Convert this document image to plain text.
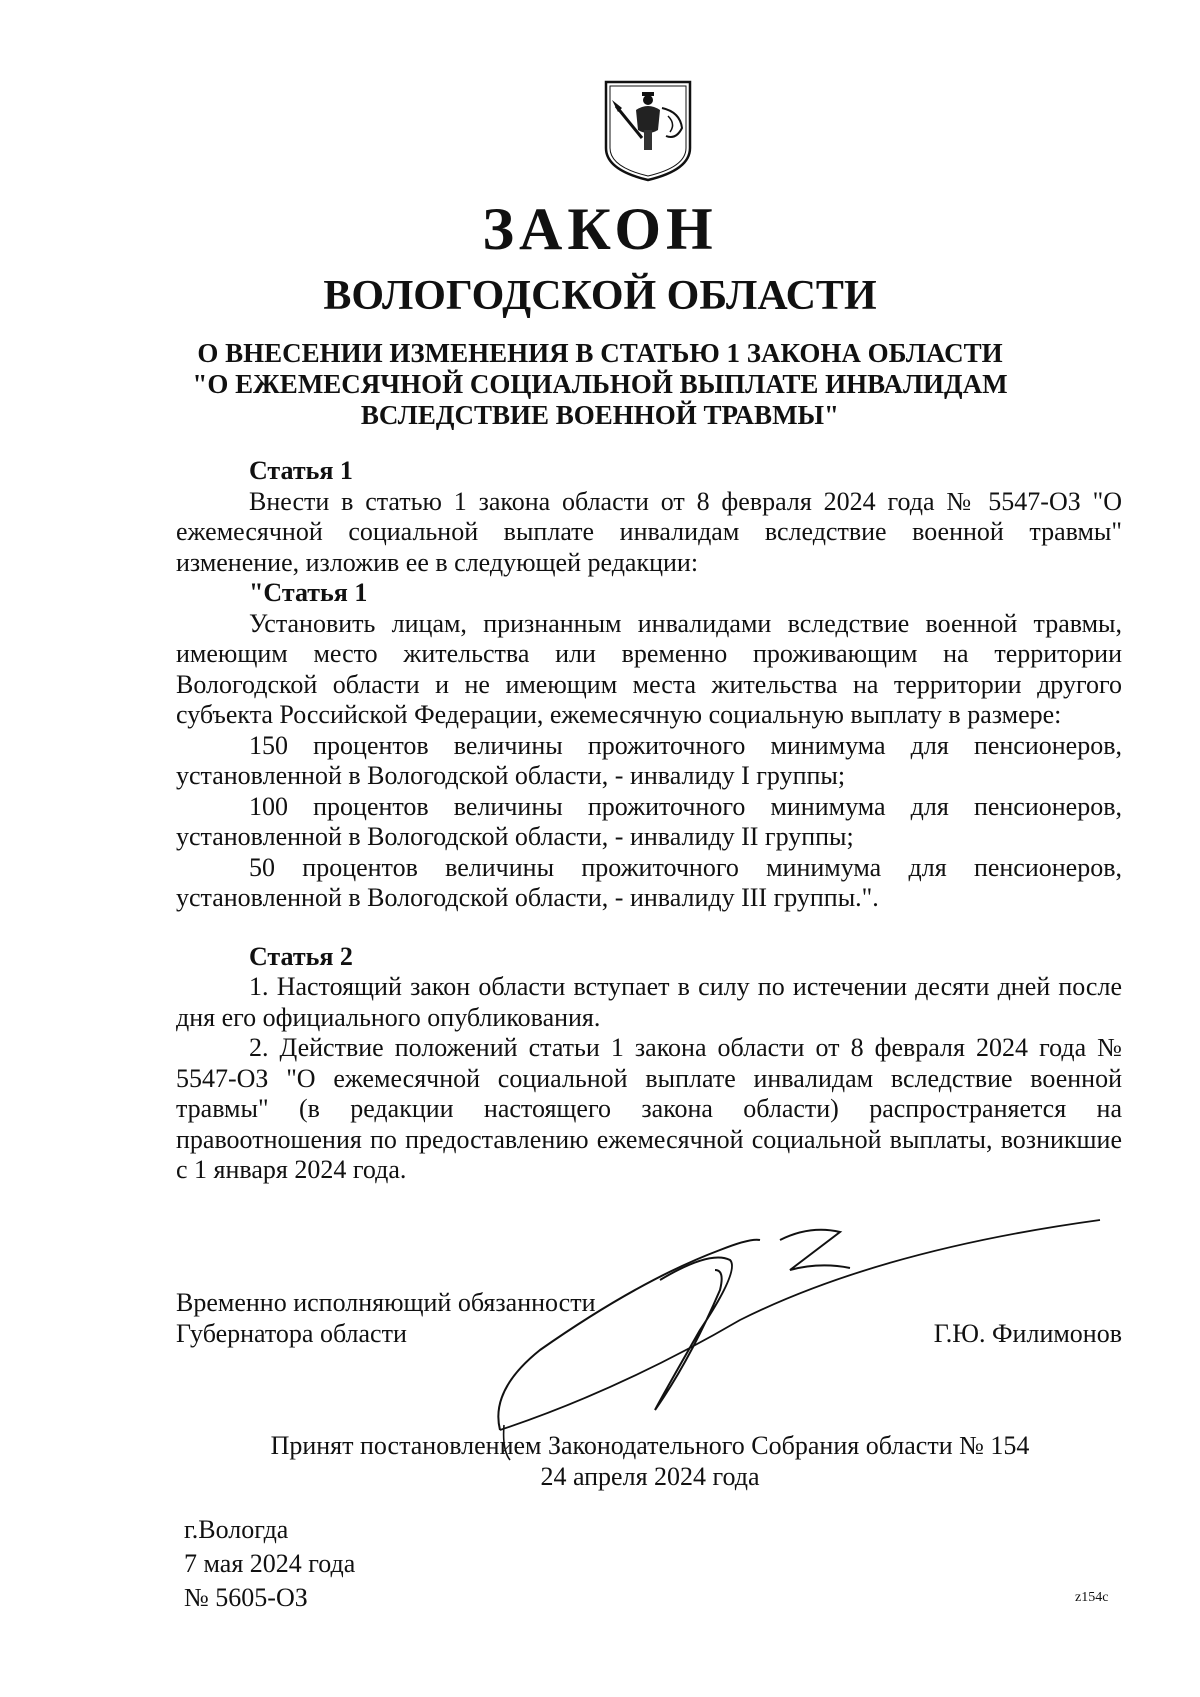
ЗАКОН
ВОЛОГОДСКОЙ ОБЛАСТИ
О ВНЕСЕНИИ ИЗМЕНЕНИЯ В СТАТЬЮ 1 ЗАКОНА ОБЛАСТИ
"О ЕЖЕМЕСЯЧНОЙ СОЦИАЛЬНОЙ ВЫПЛАТЕ ИНВАЛИДАМ
ВСЛЕДСТВИЕ ВОЕННОЙ ТРАВМЫ"

Статья 1

Внести в статью 1 закона области от 8 февраля 2024 года № 5547-ОЗ "О ежемесячной социальной выплате инвалидам вследствие военной травмы" изменение, изложив ее в следующей редакции:

"Статья 1

Установить лицам, признанным инвалидами вследствие военной травмы, имеющим место жительства или временно проживающим на территории Вологодской области и не имеющим места жительства на территории другого субъекта Российской Федерации, ежемесячную социальную выплату в размере:

150 процентов величины прожиточного минимума для пенсионеров, установленной в Вологодской области, - инвалиду I группы;

100 процентов величины прожиточного минимума для пенсионеров, установленной в Вологодской области, - инвалиду II группы;

50 процентов величины прожиточного минимума для пенсионеров, установленной в Вологодской области, - инвалиду III группы.".

Статья 2

1. Настоящий закон области вступает в силу по истечении десяти дней после дня его официального опубликования.

2. Действие положений статьи 1 закона области от 8 февраля 2024 года № 5547-ОЗ "О ежемесячной социальной выплате инвалидам вследствие военной травмы" (в редакции настоящего закона области) распространяется на правоотношения по предоставлению ежемесячной социальной выплаты, возникшие с 1 января 2024 года.

Временно исполняющий обязанности
Губернатора области	Г.Ю. Филимонов
Принят постановлением Законодательного Собрания области № 154
24 апреля 2024 года
г.Вологда
7 мая 2024 года
№ 5605-ОЗ	z154c
